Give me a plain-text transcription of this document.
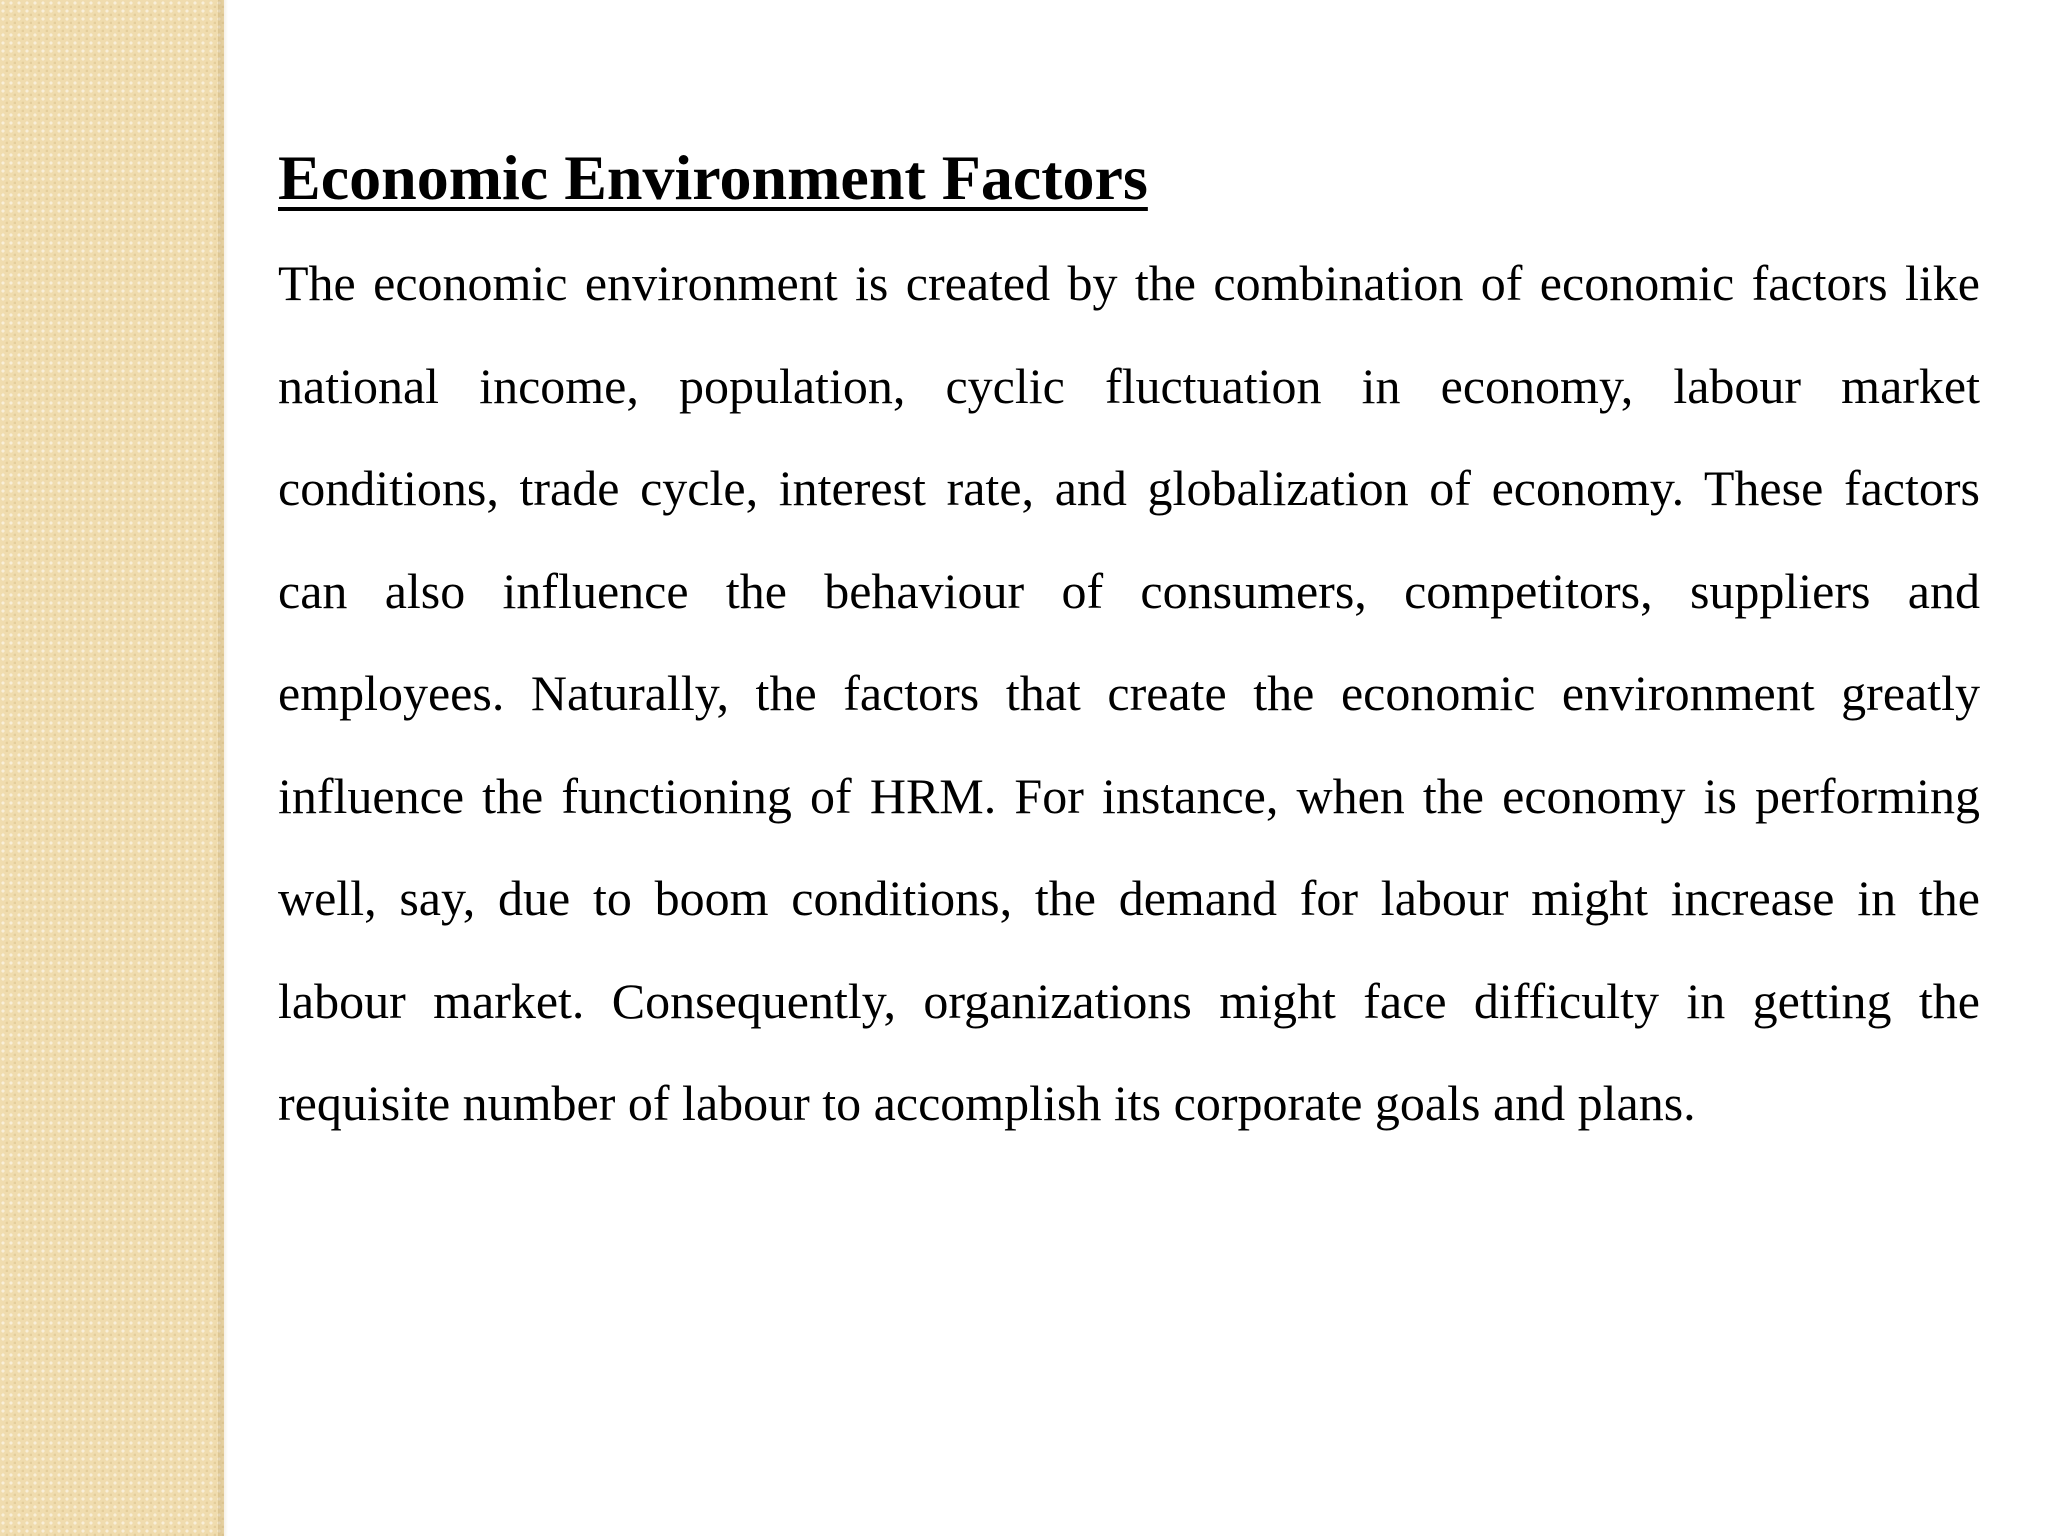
Economic Environment Factors

The economic environment is created by the combination of economic factors like national income, population, cyclic fluctuation in economy, labour market conditions, trade cycle, interest rate, and globalization of economy. These factors can also influence the behaviour of consumers, competitors, suppliers and employees. Naturally, the factors that create the economic environment greatly influence the functioning of HRM. For instance, when the economy is performing well, say, due to boom conditions, the demand for labour might increase in the labour market. Consequently, organizations might face difficulty in getting the requisite number of labour to accomplish its corporate goals and plans.
